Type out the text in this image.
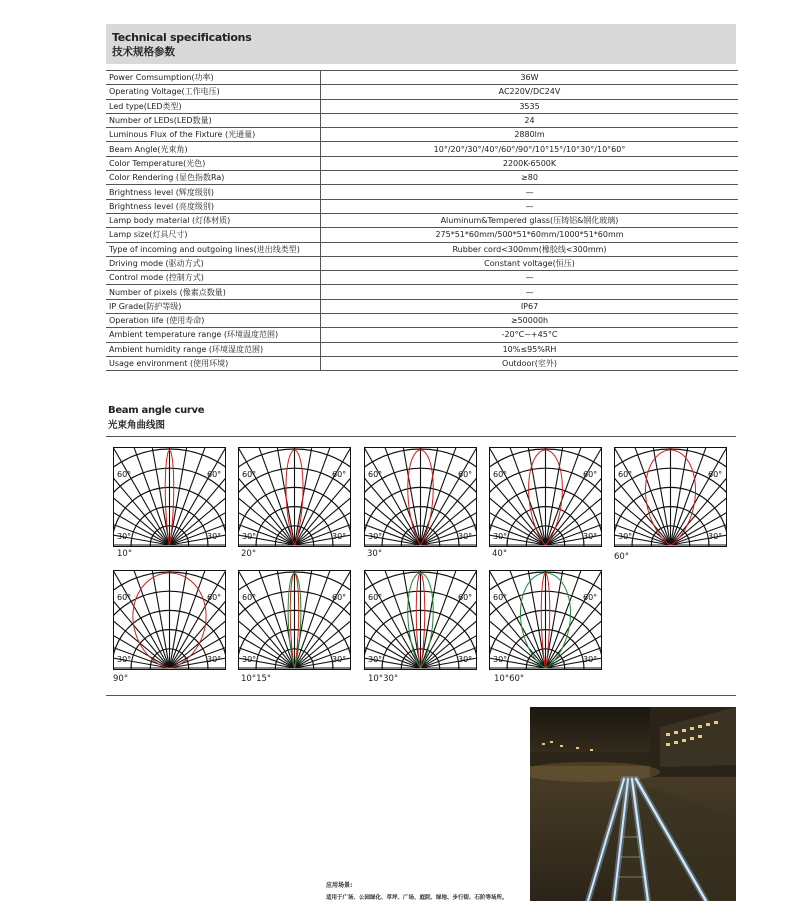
Technical specifications
技术规格参数
Power Comsumption(功率)	36W
Operating Voltage(工作电压)	AC220V/DC24V
Led type(LED类型)	3535
Number of LEDs(LED数量)	24
Luminous Flux of the Fixture (光通量)	2880lm
Beam Angle(光束角)	10°/20°/30°/40°/60°/90°/10°15°/10°30°/10°60°
Color Temperature(光色)	2200K-6500K
Color Rendering (显色指数Ra)	≥80
Brightness level (辉度级别)	—
Brightness level (亮度级别)	—
Lamp body material (灯体材质)	Aluminum&Tempered glass(压铸铝&钢化玻璃)
Lamp size(灯具尺寸)	275*51*60mm/500*51*60mm/1000*51*60mm
Type of incoming and outgoing lines(进出线类型)	Rubber cord<300mm(橡胶线<300mm)
Driving mode (驱动方式)	Constant voltage(恒压)
Control mode (控制方式)	—
Number of pixels (像素点数量)	—
IP Grade(防护等级)	IP67
Operation life (使用寿命)	≥50000h
Ambient temperature range (环境温度范围)	-20°C~+45°C
Ambient humidity range (环境湿度范围)	10%≤95%RH
Usage environment (使用环境)	Outdoor(室外)
Beam angle curve
光束角曲线图
60°	60°
30°	30°
10°
60°	60°
30°	30°
20°
60°	60°
30°	30°
30°
60°	60°
30°	30°
40°
60°	60°
30°	30°
60°
60°	60°
30°	30°
90°
60°	60°
30°	30°
10°15°
60°	60°
30°	30°
10°30°
60°	60°
30°	30°
10°60°
应用场景:
适用于广场、公园绿化、草坪、广场、庭院、绿地、步行街、石阶等场所。
